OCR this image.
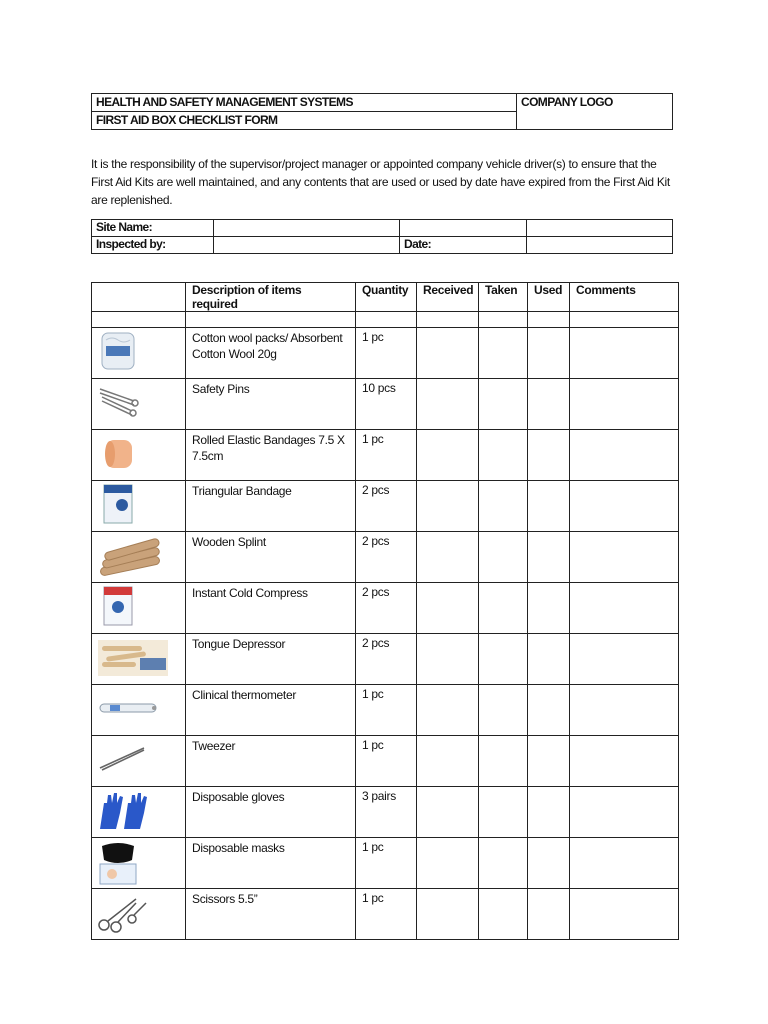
HEALTH AND SAFETY MANAGEMENT SYSTEMS	COMPANY LOGO
FIRST AID BOX CHECKLIST FORM
It is the responsibility of the supervisor/project manager or appointed company vehicle driver(s) to ensure that the First Aid Kits are well maintained, and any contents that are used or used by date have expired from the First Aid Kit are replenished.
Site Name:			
Inspected by:		Date:	
	Description of items required	Quantity	Received	Taken	Used	Comments

	Cotton wool packs/ Absorbent Cotton Wool 20g	1 pc				

	Safety Pins	10 pcs				

	Rolled Elastic Bandages 7.5 X 7.5cm	1 pc				

	Triangular Bandage	2 pcs				

	Wooden Splint	2 pcs				

	Instant Cold Compress	2 pcs				

	Tongue Depressor	2 pcs				

	Clinical thermometer	1 pc				

	Tweezer	1 pc				

	Disposable gloves	3 pairs				

	Disposable masks	1 pc				

	Scissors 5.5”	1 pc				
